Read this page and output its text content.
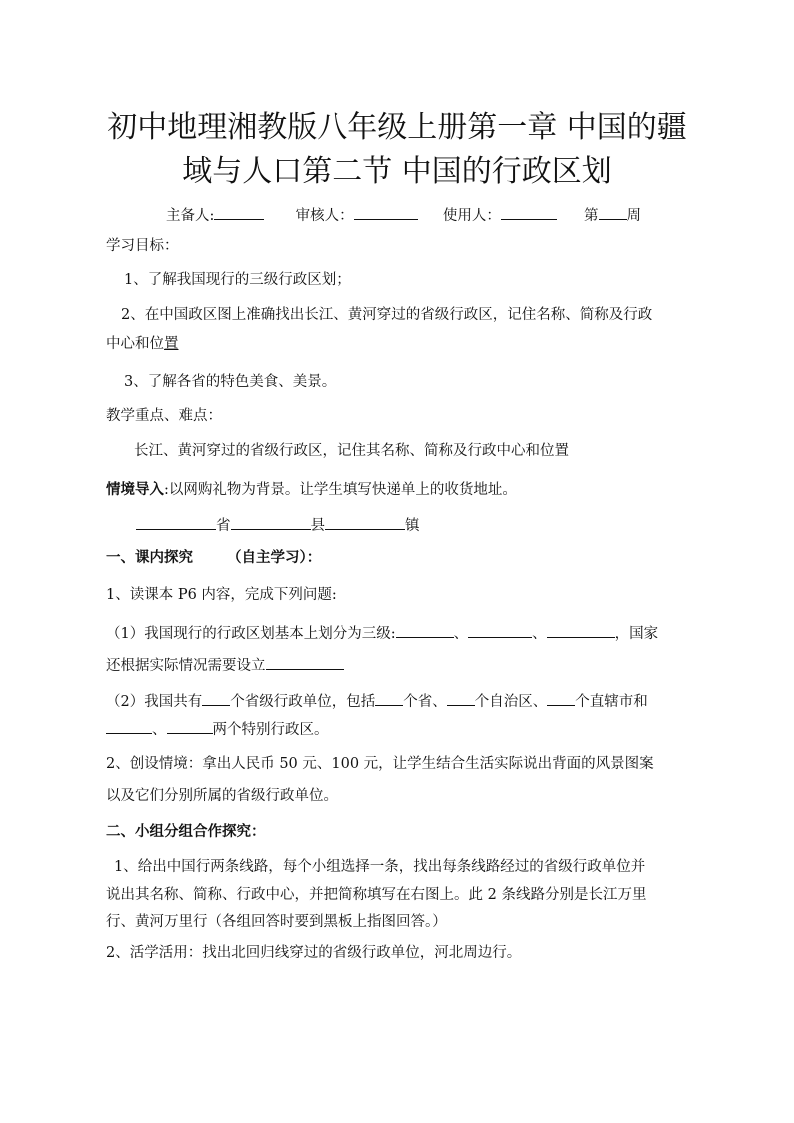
初中地理湘教版八年级上册第一章 中国的疆
域与人口第二节 中国的行政区划
主备人:	审核人：	使用人：	第 周
学习目标：
1、了解我国现行的三级行政区划；
2、在中国政区图上准确找出长江、黄河穿过的省级行政区，记住名称、简称及行政
中心和位置
3、了解各省的特色美食、美景。
教学重点、难点：
长江、黄河穿过的省级行政区，记住其名称、简称及行政中心和位置
情境导入:以网购礼物为背景。让学生填写快递单上的收货地址。
省	县	镇
一、课内探究 （自主学习）：
1、读课本 P6 内容，完成下列问题:
（1）我国现行的行政区划基本上划分为三级:	、	、	，国家
还根据实际情况需要设立
（2）我国共有 个省级行政单位，包括 个省、 个自治区、 个直辖市和
、	两个特别行政区。
2、创设情境：拿出人民币 50 元、100 元，让学生结合生活实际说出背面的风景图案
以及它们分别所属的省级行政单位。
二、小组分组合作探究：
1、给出中国行两条线路，每个小组选择一条，找出每条线路经过的省级行政单位并
说出其名称、简称、行政中心，并把简称填写在右图上。此 2 条线路分别是长江万里
行、黄河万里行（各组回答时要到黑板上指图回答。）
2、活学活用：找出北回归线穿过的省级行政单位，河北周边行。
